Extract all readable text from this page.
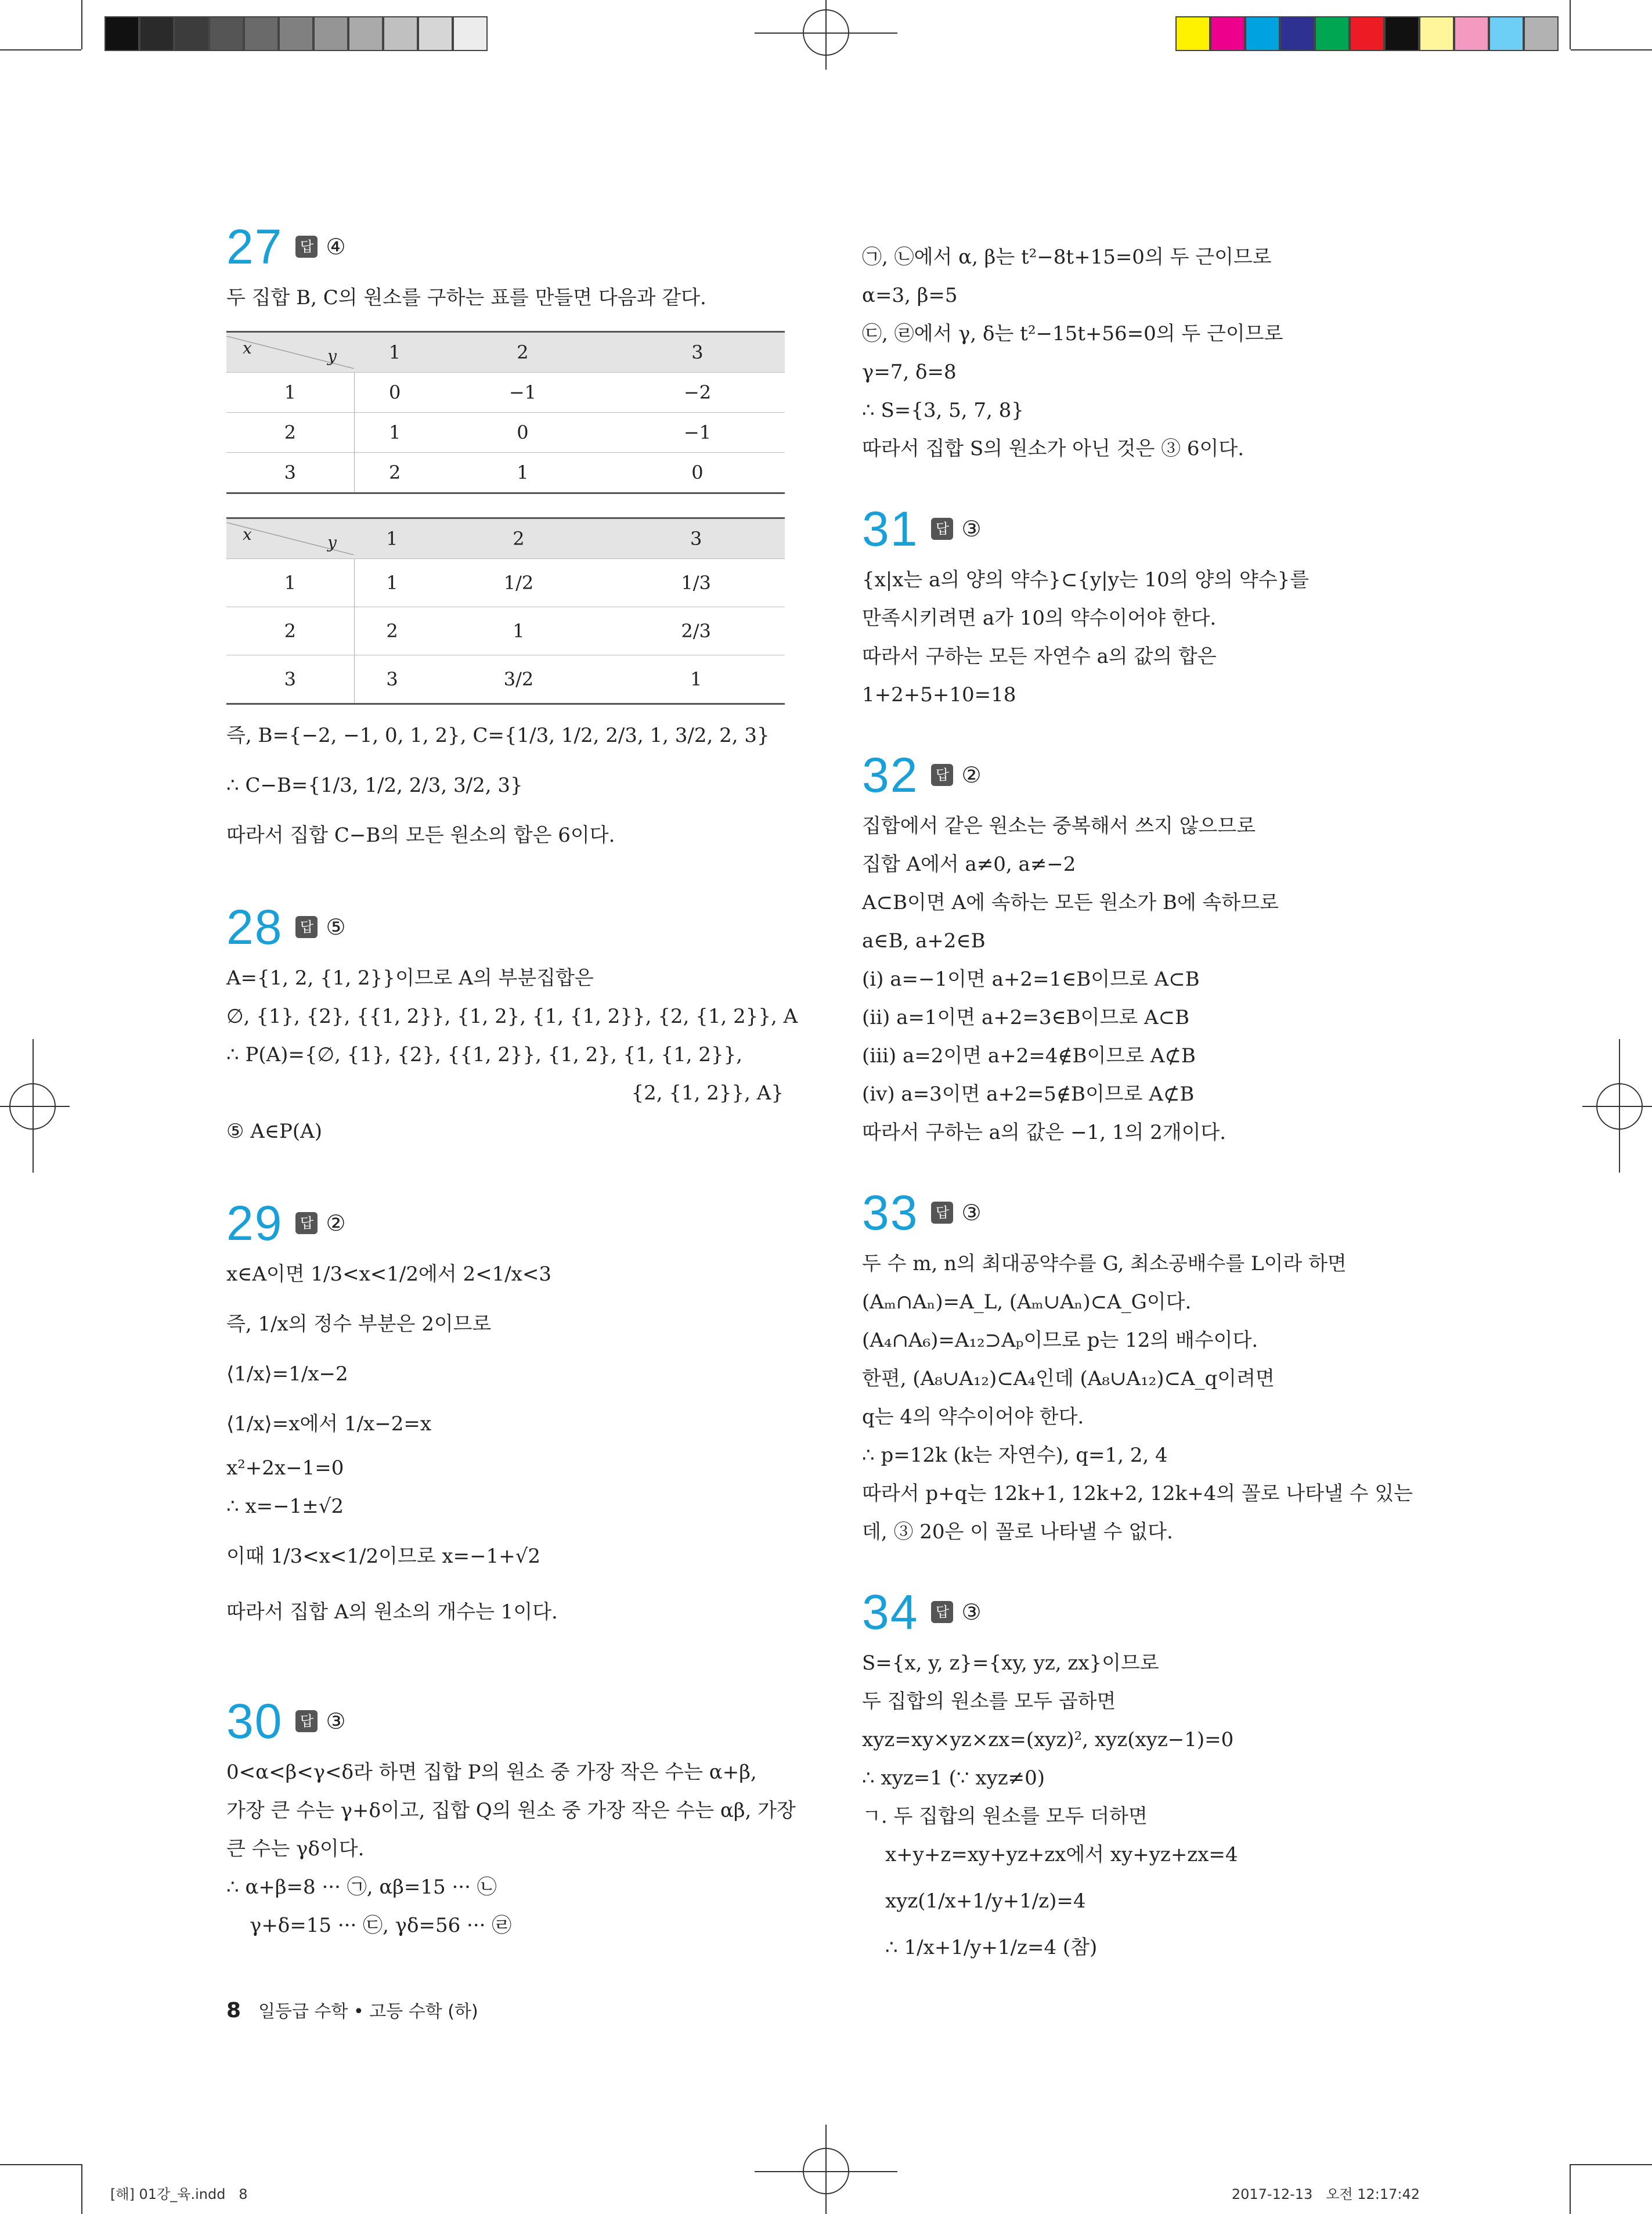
27	답 ④
두 집합 B, C의 원소를 구하는 표를 만들면 다음과 같다.
y
x	1	2	3
1	0	−1	−2
2	1	0	−1
3	2	1	0
y
x	1	2	3
1	1	1/2	1/3
2	2	1	2/3
3	3	3/2	1
즉, B={−2, −1, 0, 1, 2}, C={1/3, 1/2, 2/3, 1, 3/2, 2, 3}
∴ C−B={1/3, 1/2, 2/3, 3/2, 3}
따라서 집합 C−B의 모든 원소의 합은 6이다.
28	답 ⑤
A={1, 2, {1, 2}}이므로 A의 부분집합은
∅, {1}, {2}, {{1, 2}}, {1, 2}, {1, {1, 2}}, {2, {1, 2}}, A
∴ P(A)={∅, {1}, {2}, {{1, 2}}, {1, 2}, {1, {1, 2}},
{2, {1, 2}}, A}
⑤ A∈P(A)
29	답 ②
x∈A이면 1/3<x<1/2에서 2<1/x<3
즉, 1/x의 정수 부분은 2이므로
⟨1/x⟩=1/x−2
⟨1/x⟩=x에서 1/x−2=x
x²+2x−1=0
∴ x=−1±√2
이때 1/3<x<1/2이므로 x=−1+√2
따라서 집합 A의 원소의 개수는 1이다.
30	답 ③
0<α<β<γ<δ라 하면 집합 P의 원소 중 가장 작은 수는 α+β,
가장 큰 수는 γ+δ이고, 집합 Q의 원소 중 가장 작은 수는 αβ, 가장
큰 수는 γδ이다.
∴ α+β=8 ··· ㉠, αβ=15 ··· ㉡
γ+δ=15 ··· ㉢, γδ=56 ··· ㉣
㉠, ㉡에서 α, β는 t²−8t+15=0의 두 근이므로
α=3, β=5
㉢, ㉣에서 γ, δ는 t²−15t+56=0의 두 근이므로
γ=7, δ=8
∴ S={3, 5, 7, 8}
따라서 집합 S의 원소가 아닌 것은 ③ 6이다.
31	답 ③
{x|x는 a의 양의 약수}⊂{y|y는 10의 양의 약수}를
만족시키려면 a가 10의 약수이어야 한다.
따라서 구하는 모든 자연수 a의 값의 합은
1+2+5+10=18
32	답 ②
집합에서 같은 원소는 중복해서 쓰지 않으므로
집합 A에서 a≠0, a≠−2
A⊂B이면 A에 속하는 모든 원소가 B에 속하므로
a∈B, a+2∈B
(ⅰ) a=−1이면 a+2=1∈B이므로 A⊂B
(ⅱ) a=1이면 a+2=3∈B이므로 A⊂B
(ⅲ) a=2이면 a+2=4∉B이므로 A⊄B
(ⅳ) a=3이면 a+2=5∉B이므로 A⊄B
따라서 구하는 a의 값은 −1, 1의 2개이다.
33	답 ③
두 수 m, n의 최대공약수를 G, 최소공배수를 L이라 하면
(Aₘ∩Aₙ)=A_L, (Aₘ∪Aₙ)⊂A_G이다.
(A₄∩A₆)=A₁₂⊃Aₚ이므로 p는 12의 배수이다.
한편, (A₈∪A₁₂)⊂A₄인데 (A₈∪A₁₂)⊂A_q이려면
q는 4의 약수이어야 한다.
∴ p=12k (k는 자연수), q=1, 2, 4
따라서 p+q는 12k+1, 12k+2, 12k+4의 꼴로 나타낼 수 있는
데, ③ 20은 이 꼴로 나타낼 수 없다.
34	답 ③
S={x, y, z}={xy, yz, zx}이므로
두 집합의 원소를 모두 곱하면
xyz=xy×yz×zx=(xyz)², xyz(xyz−1)=0
∴ xyz=1 (∵ xyz≠0)
ㄱ. 두 집합의 원소를 모두 더하면
x+y+z=xy+yz+zx에서 xy+yz+zx=4
xyz(1/x+1/y+1/z)=4
∴ 1/x+1/y+1/z=4 (참)
8 일등급 수학 • 고등 수학 (하)
[해] 01강_육.indd   8	2017-12-13   오전 12:17:42
